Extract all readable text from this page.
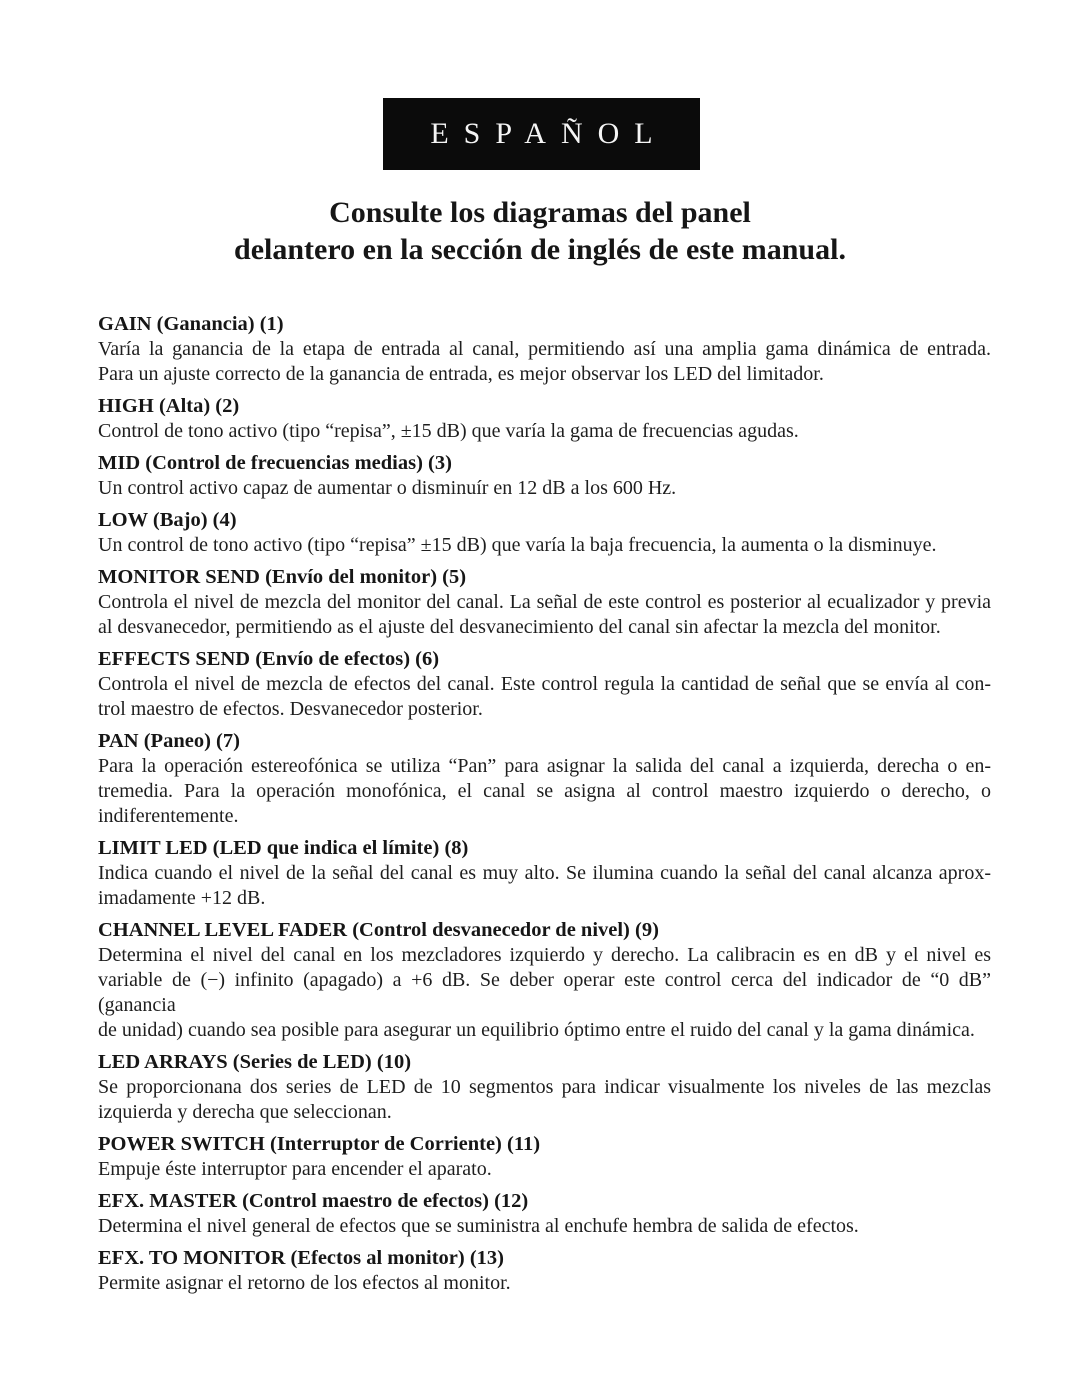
ESPAÑOL
Consulte los diagramas del panel
delantero en la sección de inglés de este manual.
GAIN (Ganancia) (1)

Varía la ganancia de la etapa de entrada al canal, permitiendo así una amplia gama dinámica de entrada.

Para un ajuste correcto de la ganancia de entrada, es mejor observar los LED del limitador.

HIGH (Alta) (2)

Control de tono activo (tipo “repisa”, ±15 dB) que varía la gama de frecuencias agudas.

MID (Control de frecuencias medias) (3)

Un control activo capaz de aumentar o disminuír en 12 dB a los 600 Hz.

LOW (Bajo) (4)

Un control de tono activo (tipo “repisa” ±15 dB) que varía la baja frecuencia, la aumenta o la disminuye.

MONITOR SEND (Envío del monitor) (5)

Controla el nivel de mezcla del monitor del canal. La señal de este control es posterior al ecualizador y previa

al desvanecedor, permitiendo as el ajuste del desvanecimiento del canal sin afectar la mezcla del monitor.

EFFECTS SEND (Envío de efectos) (6)

Controla el nivel de mezcla de efectos del canal. Este control regula la cantidad de señal que se envía al con-

trol maestro de efectos. Desvanecedor posterior.

PAN (Paneo) (7)

Para la operación estereofónica se utiliza “Pan” para asignar la salida del canal a izquierda, derecha o en-

tremedia. Para la operación monofónica, el canal se asigna al control maestro izquierdo o derecho, o

indiferentemente.

LIMIT LED (LED que indica el límite) (8)

Indica cuando el nivel de la señal del canal es muy alto. Se ilumina cuando la señal del canal alcanza aprox-

imadamente +12 dB.

CHANNEL LEVEL FADER (Control desvanecedor de nivel) (9)

Determina el nivel del canal en los mezcladores izquierdo y derecho. La calibracin es en dB y el nivel es

variable de (−) infinito (apagado) a +6 dB. Se deber operar este control cerca del indicador de “0 dB” (ganancia

de unidad) cuando sea posible para asegurar un equilibrio óptimo entre el ruido del canal y la gama dinámica.

LED ARRAYS (Series de LED) (10)

Se proporcionana dos series de LED de 10 segmentos para indicar visualmente los niveles de las mezclas

izquierda y derecha que seleccionan.

POWER SWITCH (Interruptor de Corriente) (11)

Empuje éste interruptor para encender el aparato.

EFX. MASTER (Control maestro de efectos) (12)

Determina el nivel general de efectos que se suministra al enchufe hembra de salida de efectos.

EFX. TO MONITOR (Efectos al monitor) (13)

Permite asignar el retorno de los efectos al monitor.
